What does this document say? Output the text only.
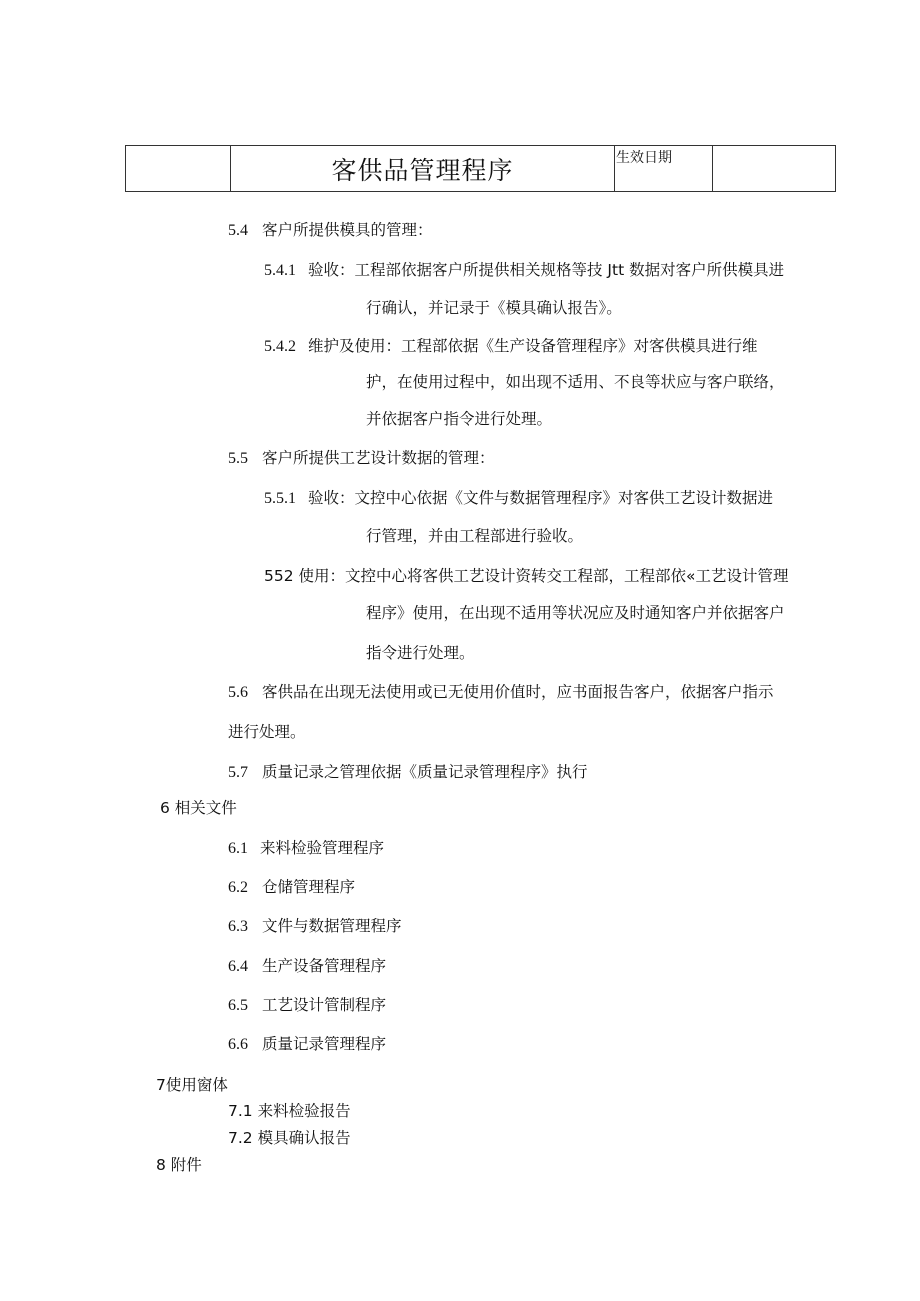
	客供品管理程序	生效日期	
5.4 客户所提供模具的管理：
5.4.1 验收：工程部依据客户所提供相关规格等技 Jtt 数据对客户所供模具进
行确认，并记录于《模具确认报告》。
5.4.2 维护及使用：工程部依据《生产设备管理程序》对客供模具进行维
护，在使用过程中，如出现不适用、不良等状应与客户联络，
并依据客户指令进行处理。
5.5 客户所提供工艺设计数据的管理：
5.5.1 验收：文控中心依据《文件与数据管理程序》对客供工艺设计数据进
行管理，并由工程部进行验收。
552 使用：文控中心将客供工艺设计资转交工程部，工程部依«工艺设计管理
程序》使用，在出现不适用等状况应及时通知客户并依据客户
指令进行处理。
5.6 客供品在出现无法使用或已无使用价值时，应书面报告客户，依据客户指示
进行处理。
5.7 质量记录之管理依据《质量记录管理程序》执行
6 相关文件
6.1 来料检验管理程序
6.2 仓储管理程序
6.3 文件与数据管理程序
6.4 生产设备管理程序
6.5 工艺设计管制程序
6.6 质量记录管理程序
7使用窗体
7.1 来料检验报告
7.2 模具确认报告
8 附件
